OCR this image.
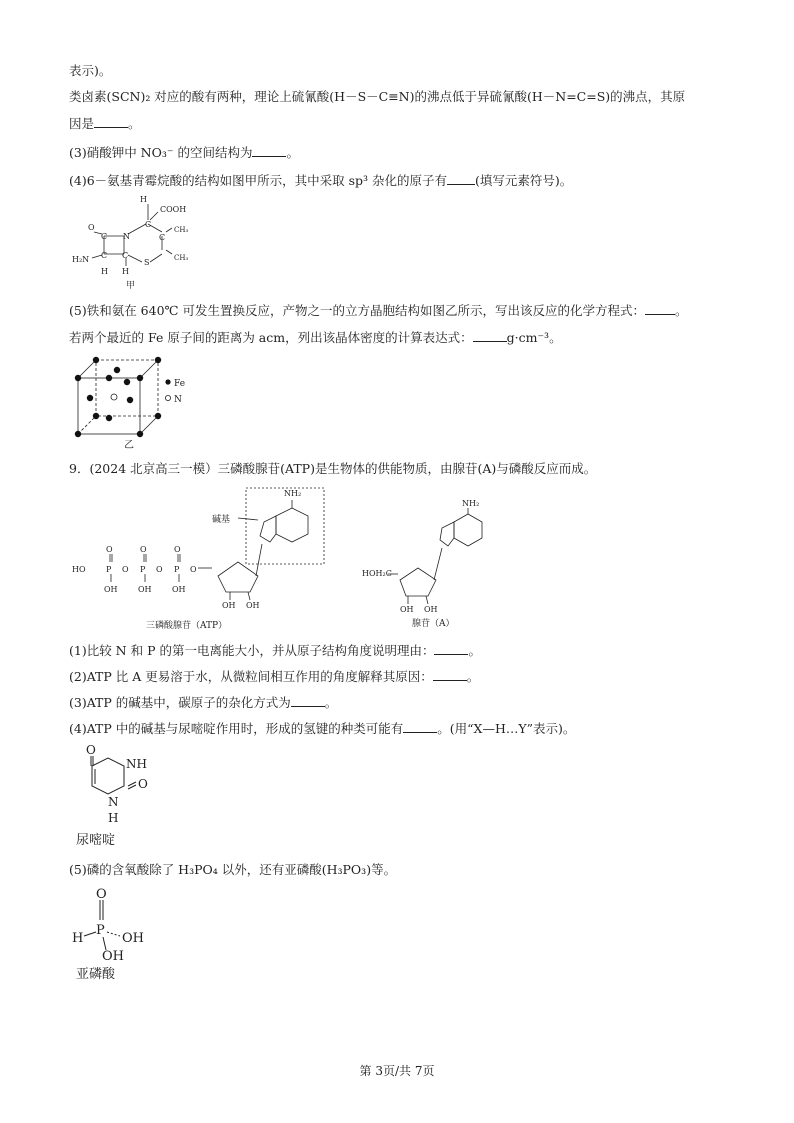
表示)。
类卤素(SCN)₂ 对应的酸有两种，理论上硫氰酸(H－S－C≡N)的沸点低于异硫氰酸(H－N=C=S)的沸点，其原
因是	。
(3)硝酸钾中 NO₃⁻ 的空间结构为	。
(4)6－氨基青霉烷酸的结构如图甲所示，其中采取 sp³ 杂化的原子有 (填写元素符号)。
H
COOH
O
C N
C
CH₃
C
CH₃
H₂N C C
S
H H
甲
(5)铁和氨在 640℃ 可发生置换反应，产物之一的立方晶胞结构如图乙所示，写出该反应的化学方程式： 。
若两个最近的 Fe 原子间的距离为 acm，列出该晶体密度的计算表达式：	g·cm⁻³。
Fe
N
乙
9．(2024 北京高三一模）三磷酸腺苷(ATP)是生物体的供能物质，由腺苷(A)与磷酸反应而成。
NH₂
碱基
O	O	O
HO	P O P O P O
OH	OH	OH
OH OH
三磷酸腺苷（ATP）
NH₂
HOH₂C
OH OH
腺苷（A）
(1)比较 N 和 P 的第一电离能大小，并从原子结构角度说明理由：	。
(2)ATP 比 A 更易溶于水，从微粒间相互作用的角度解释其原因：	。
(3)ATP 的碱基中，碳原子的杂化方式为	。
(4)ATP 中的碱基与尿嘧啶作用时，形成的氢键的种类可能有	。(用“X—H…Y”表示)。
O
NH
N
H
O
尿嘧啶
(5)磷的含氧酸除了 H₃PO₄ 以外，还有亚磷酸(H₃PO₃)等。
O
H
P
OH
OH
亚磷酸
第 3页/共 7页
